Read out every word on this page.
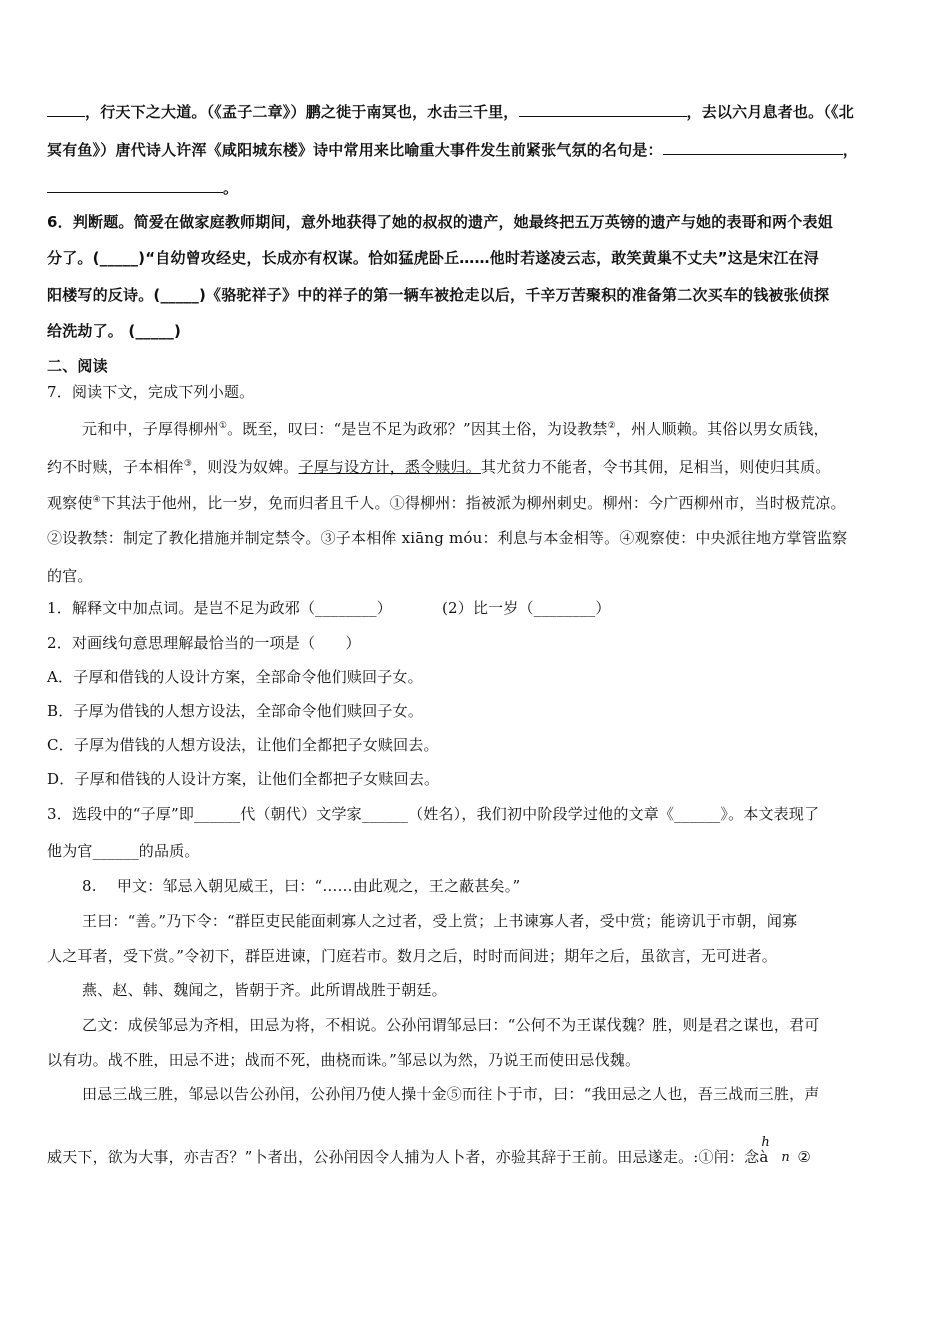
，行天下之大道。（《孟子二章》）鹏之徙于南冥也，水击三千里，	，去以六月息者也。（《北
冥有鱼》）唐代诗人许浑《咸阳城东楼》诗中常用来比喻重大事件发生前紧张气氛的名句是：	，
。
6．判断题。简爱在做家庭教师期间，意外地获得了她的叔叔的遗产，她最终把五万英镑的遗产与她的表哥和两个表姐
分了。(_____)“自幼曾攻经史，长成亦有权谋。恰如猛虎卧丘……他时若遂凌云志，敢笑黄巢不丈夫”这是宋江在浔
阳楼写的反诗。(_____)《骆驼祥子》中的祥子的第一辆车被抢走以后，千辛万苦聚积的准备第二次买车的钱被张侦探
给洗劫了。 (_____)
二、阅读
7．阅读下文，完成下列小题。
元和中，子厚得柳州①。既至，叹曰：“是岂不足为政邪？”因其土俗，为设教禁②，州人顺赖。其俗以男女质钱，
约不时赎，子本相侔③，则没为奴婢。子厚与设方计，悉令赎归。其尤贫力不能者，令书其佣，足相当，则使归其质。
观察使④下其法于他州，比一岁，免而归者且千人。①得柳州：指被派为柳州刺史。柳州：今广西柳州市，当时极荒凉。
②设教禁：制定了教化措施并制定禁令。③子本相侔 xiāng móu：利息与本金相等。④观察使：中央派往地方掌管监察
的官。
1．解释文中加点词。是岂不足为政邪（________）	(2）比一岁（________）
2．对画线句意思理解最恰当的一项是（　　）
A．子厚和借钱的人设计方案，全部命令他们赎回子女。
B．子厚为借钱的人想方设法，全部命令他们赎回子女。
C．子厚为借钱的人想方设法，让他们全都把子女赎回去。
D．子厚和借钱的人设计方案，让他们全都把子女赎回去。
3．选段中的“子厚”即______代（朝代）文学家______（姓名），我们初中阶段学过他的文章《______》。本文表现了
他为官______的品质。
8.　 甲文：邹忌入朝见威王，曰：“……由此观之，王之蔽甚矣。”
王曰：“善。”乃下令：“群臣吏民能面刺寡人之过者，受上赏；上书谏寡人者，受中赏；能谤讥于市朝，闻寡
人之耳者，受下赏。”令初下，群臣进谏，门庭若市。数月之后，时时而间进；期年之后，虽欲言，无可进者。
燕、赵、韩、魏闻之，皆朝于齐。此所谓战胜于朝廷。
乙文：成侯邹忌为齐相，田忌为将，不相说。公孙闬谓邹忌曰：“公何不为王谋伐魏？胜，则是君之谋也，君可
以有功。战不胜，田忌不进；战而不死，曲桡而诛。”邹忌以为然，乃说王而使田忌伐魏。
田忌三战三胜，邹忌以告公孙闬，公孙闬乃使人操十金⑤而往卜于市，曰：“我田忌之人也，吾三战而三胜，声
威天下，欲为大事，亦吉否？”卜者出，公孙闬因令人捕为人卜者，亦验其辞于王前。田忌遂走。:①闬：念
h
à n ②
